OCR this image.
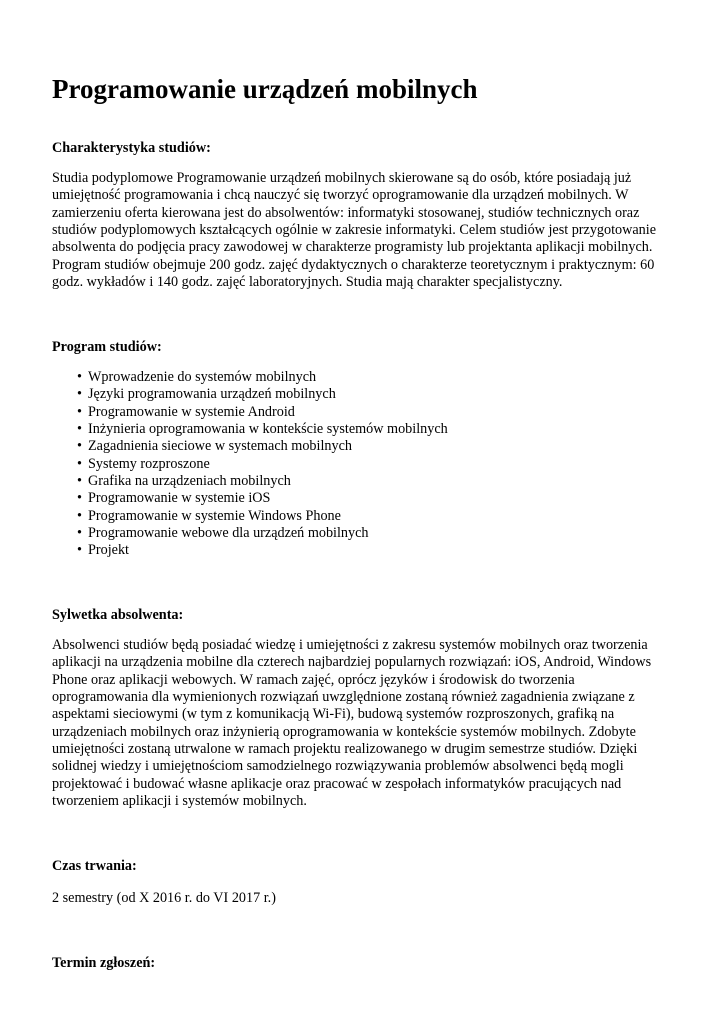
Programowanie urządzeń mobilnych

Charakterystyka studiów:

Studia podyplomowe Programowanie urządzeń mobilnych skierowane są do osób, które posiadają już
umiejętność programowania i chcą nauczyć się tworzyć oprogramowanie dla urządzeń mobilnych. W
zamierzeniu oferta kierowana jest do absolwentów: informatyki stosowanej, studiów technicznych oraz
studiów podyplomowych kształcących ogólnie w zakresie informatyki. Celem studiów jest przygotowanie
absolwenta do podjęcia pracy zawodowej w charakterze programisty lub projektanta aplikacji mobilnych.
Program studiów obejmuje 200 godz. zajęć dydaktycznych o charakterze teoretycznym i praktycznym: 60
godz. wykładów i 140 godz. zajęć laboratoryjnych. Studia mają charakter specjalistyczny.

Program studiów:

• Wprowadzenie do systemów mobilnych
• Języki programowania urządzeń mobilnych
• Programowanie w systemie Android
• Inżynieria oprogramowania w kontekście systemów mobilnych
• Zagadnienia sieciowe w systemach mobilnych
• Systemy rozproszone
• Grafika na urządzeniach mobilnych
• Programowanie w systemie iOS
• Programowanie w systemie Windows Phone
• Programowanie webowe dla urządzeń mobilnych
• Projekt

Sylwetka absolwenta:

Absolwenci studiów będą posiadać wiedzę i umiejętności z zakresu systemów mobilnych oraz tworzenia
aplikacji na urządzenia mobilne dla czterech najbardziej popularnych rozwiązań: iOS, Android, Windows
Phone oraz aplikacji webowych. W ramach zajęć, oprócz języków i środowisk do tworzenia
oprogramowania dla wymienionych rozwiązań uwzględnione zostaną również zagadnienia związane z
aspektami sieciowymi (w tym z komunikacją Wi-Fi), budową systemów rozproszonych, grafiką na
urządzeniach mobilnych oraz inżynierią oprogramowania w kontekście systemów mobilnych. Zdobyte
umiejętności zostaną utrwalone w ramach projektu realizowanego w drugim semestrze studiów. Dzięki
solidnej wiedzy i umiejętnościom samodzielnego rozwiązywania problemów absolwenci będą mogli
projektować i budować własne aplikacje oraz pracować w zespołach informatyków pracujących nad
tworzeniem aplikacji i systemów mobilnych.

Czas trwania:

2 semestry (od X 2016 r. do VI 2017 r.)

Termin zgłoszeń:
